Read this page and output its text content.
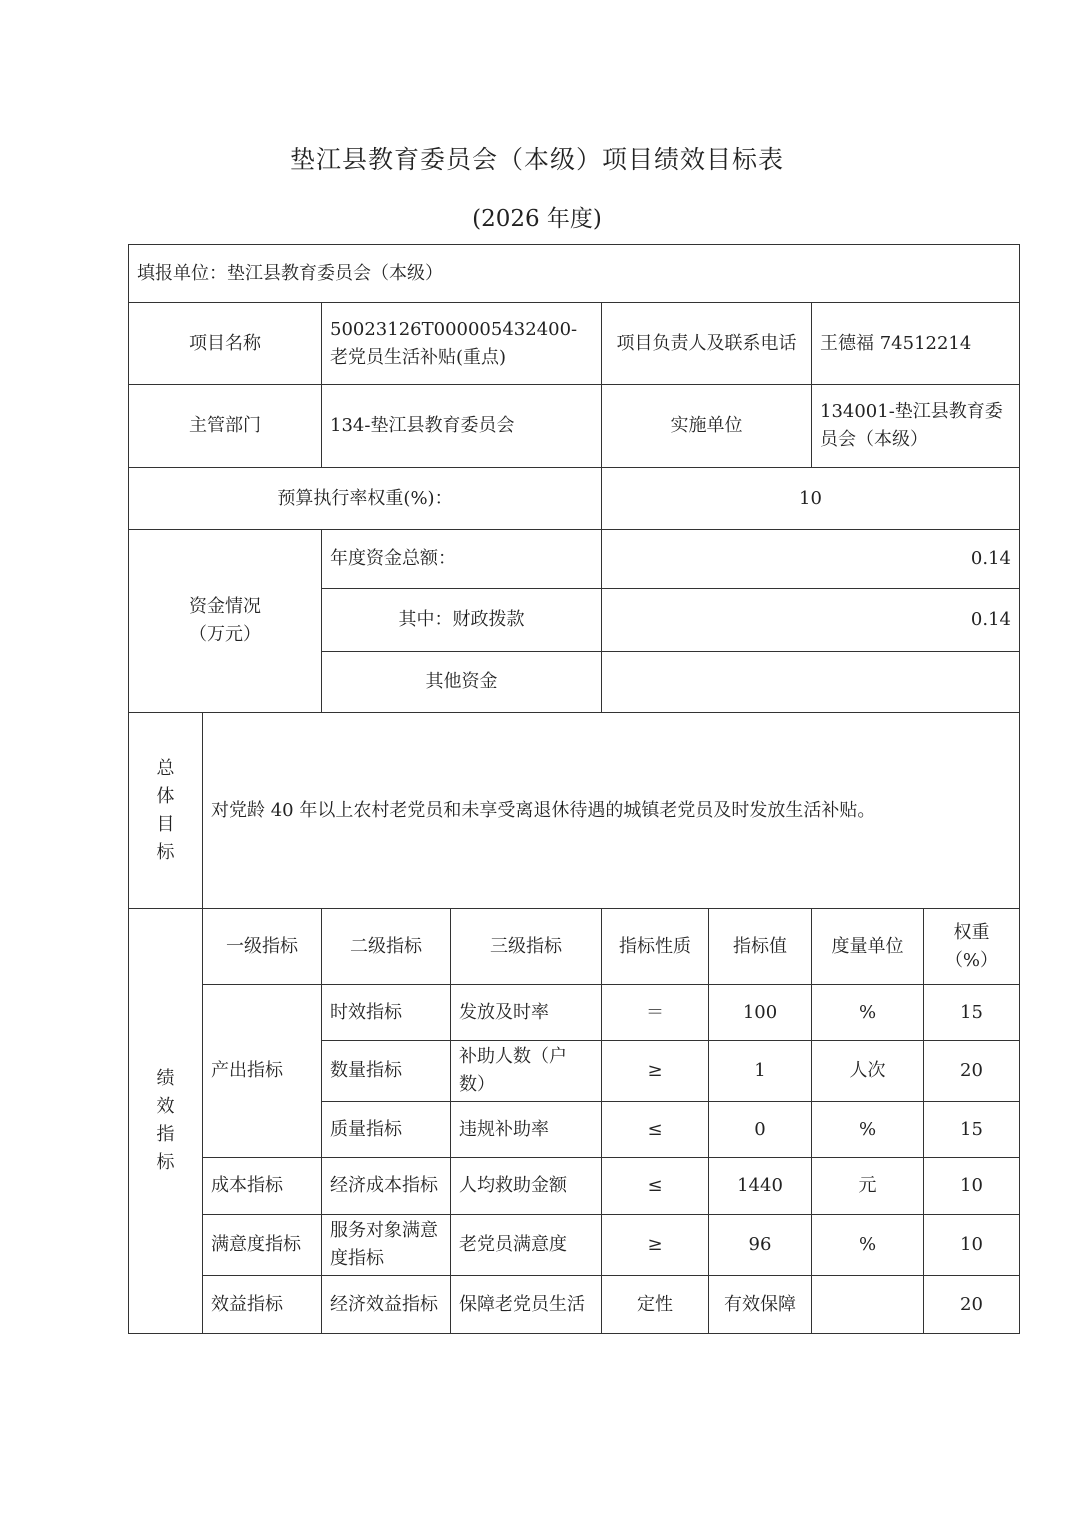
垫江县教育委员会（本级）项目绩效目标表
(2026 年度)
填报单位：垫江县教育委员会（本级）							
项目名称		50023126T000005432400-老党员生活补贴(重点)		项目负责人及联系电话		王德福 74512214	
主管部门		134-垫江县教育委员会		实施单位		134001-垫江县教育委员会（本级）	
预算执行率权重(%)：				10			

资金情况
（万元）		年度资金总额：		0.14			
		其中：财政拨款		0.14			
		其他资金					

总
体
目
标	对党龄 40 年以上农村老党员和未享受离退休待遇的城镇老党员及时发放生活补贴。						

绩
效
指
标	一级指标	二级指标	三级指标	指标性质	指标值	度量单位	权重（%）
	产出指标	时效指标	发放及时率	＝	100	%	15
		数量指标	补助人数（户数）	≥	1	人次	20
		质量指标	违规补助率	≤	0	%	15
	成本指标	经济成本指标	人均救助金额	≤	1440	元	10
	满意度指标	服务对象满意度指标	老党员满意度	≥	96	%	10
	效益指标	经济效益指标	保障老党员生活	定性	有效保障		20
